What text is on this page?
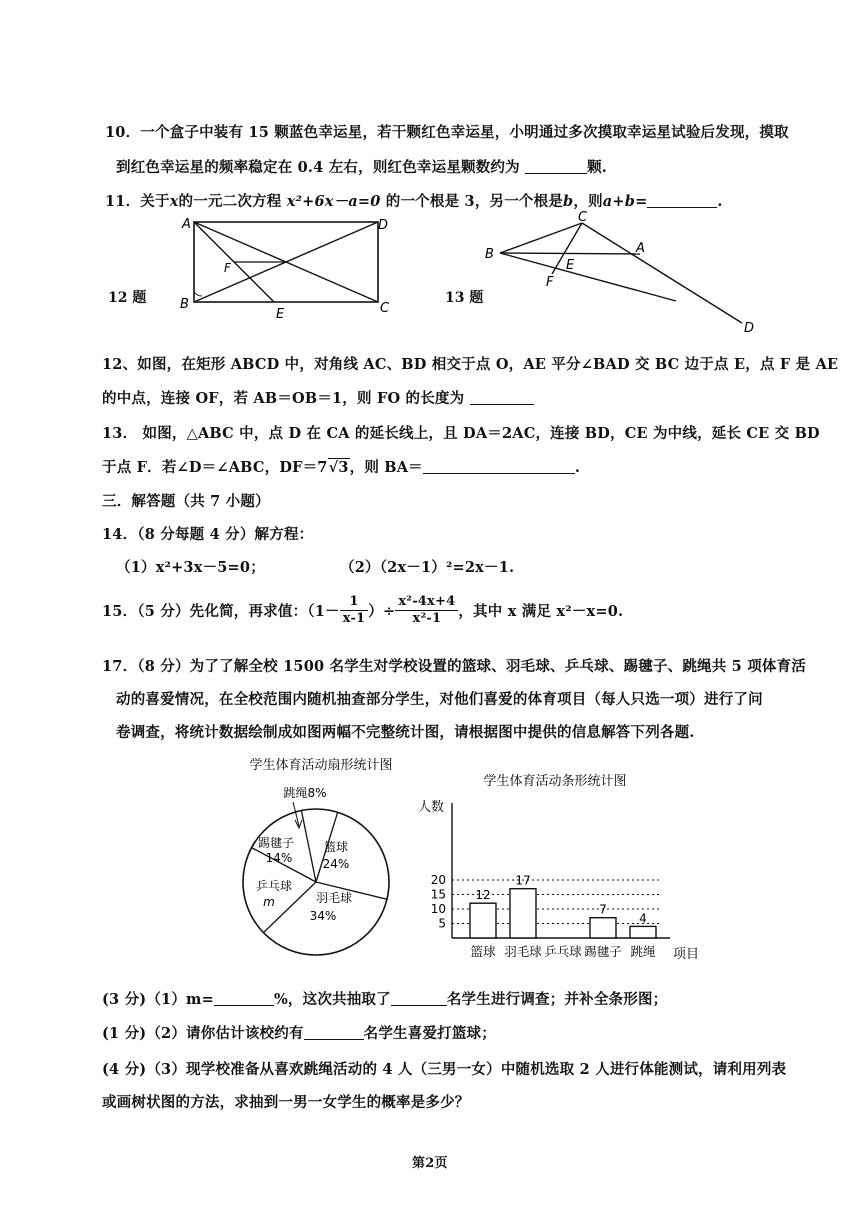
10．一个盒子中装有 15 颗蓝色幸运星，若干颗红色幸运星，小明通过多次摸取幸运星试验后发现，摸取
到红色幸运星的频率稳定在 0.4 左右，则红色幸运星颗数约为	颗.
11．关于x的一元二次方程 x²+6x－a=0 的一个根是 3，另一个根是b，则a+b=	.
A
B	C
D
E
F
12 题
C
B	A
E
F
D
13 题
12、如图，在矩形 ABCD 中，对角线 AC、BD 相交于点 O，AE 平分∠BAD 交 BC 边于点 E，点 F 是 AE
的中点，连接 OF，若 AB＝OB＝1，则 FO 的长度为
13． 如图，△ABC 中，点 D 在 CA 的延长线上，且 DA＝2AC，连接 BD，CE 为中线，延长 CE 交 BD
于点 F．若∠D＝∠ABC，DF＝7√3，则 BA＝	.
三．解答题（共 7 小题）
14．（8 分每题 4 分）解方程：
（1）x²+3x－5=0；	（2）（2x－1）²=2x－1.
15．（5 分）先化简，再求值：（$1- \frac{1}{x-1}$ ）÷ $\frac{\text{x²-4x+4}}{\text{x²-1}}$ ，其中 x 满足 x²－x=0.
17．（8 分）为了了解全校 1500 名学生对学校设置的篮球、羽毛球、乒乓球、踢毽子、跳绳共 5 项体育活
动的喜爱情况，在全校范围内随机抽查部分学生，对他们喜爱的体育项目（每人只选一项）进行了问
卷调查，将统计数据绘制成如图两幅不完整统计图，请根据图中提供的信息解答下列各题.
学生体育活动扇形统计图
跳绳8%
篮球
24%
羽毛球
34%
乒乓球
m
踢毽子
14%
学生体育活动条形统计图
人数
项目
5
10
15
20
篮球
12
羽毛球
17
乒乓球 踢毽子
7
跳绳
4
(3 分)（1）m=	%，这次共抽取了	名学生进行调查；并补全条形图；
(1 分)（2）请你估计该校约有	名学生喜爱打篮球；
(4 分)（3）现学校准备从喜欢跳绳活动的 4 人（三男一女）中随机选取 2 人进行体能测试，请利用列表
或画树状图的方法，求抽到一男一女学生的概率是多少？
第2页
